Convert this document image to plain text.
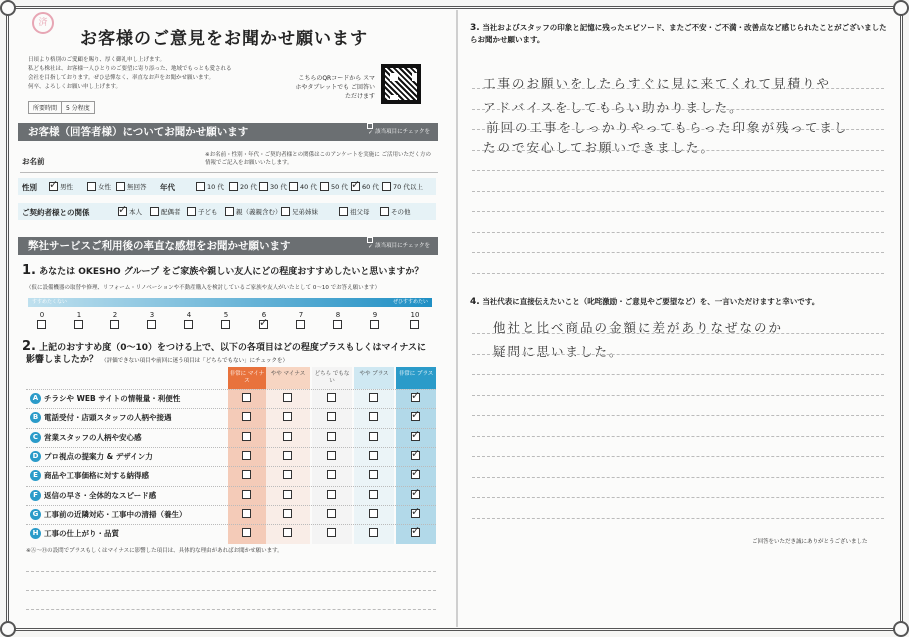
済
お客様のご意見をお聞かせ願います
日頃より格別のご愛顧を賜り、厚く御礼申し上げます。
私ども株社は、お客様一人ひとりのご要望に寄り添った、地域でもっとも愛される
会社を目指しております。ぜひ忌憚なく、率直なお声をお聞かせ願います。
何卒、よろしくお願い申し上げます。
所要時間	5 分程度
こちらのQRコードから スマホやタブレットでも ご回答いただけます
お客様（回答者様）についてお聞かせ願います	✓ 該当項目にチェックを
お名前
※お名前・性別・年代・ご契約者様との関係はこのアンケートを実施に ご活用いただく方の情報でご記入をお願いいたします。
性別	年代
ご契約者様との関係
弊社サービスご利用後の率直な感想をお聞かせ願います	✓ 該当項目にチェックを
1. あなたは OKESHO グループ をご家族や親しい友人にどの程度おすすめしたいと思いますか？
（仮に設備機器の取替や修理、リフォーム・リノベーションや不動産購入を検討しているご家族や友人がいたとして 0〜10 でお答え願います）
すすめたくない	ぜひすすめたい
2. 上記のおすすめ度（0〜10）をつける上で、以下の各項目はどの程度プラスもしくはマイナスに
影響しましたか？ （評価できない項目や前回に迷う項目は「どちらでもない」にチェックを）
※Ⓐ〜Ⓗの設問でプラスもしくはマイナスに影響した項目は、具体的な理由があればお聞かせ願います。
3. 当社およびスタッフの印象と記憶に残ったエピソード、またご不安・ご不満・改善点など感じられたことがございましたらお聞かせ願います。
工事のお願いをしたらすぐに見に来てくれて見積りや
アドバイスをしてもらい助かりました。
前回の工事をしっかりやってもらった印象が残ってまし
たので安心してお願いできました。
4. 当社代表に直接伝えたいこと（叱咤激励・ご意見やご要望など）を、一言いただけますと幸いです。
他社と比べ商品の金額に差がありなぜなのか
疑問に思いました。
ご回答をいただき誠にありがとうございました
✓
男性	女性 無回答	10 代 20 代 30 代 40 代 50 代
✓ 60 代 70 代以上
✓
本人	配偶者	子ども	親（義親含む） 兄弟姉妹	祖父母	その他
0	1	2	3	4	5	6
✓	7	8	9	10
非常に マイナス
やや マイナス	どちら でもない
やや プラス	非常に プラス
A チラシや WEB サイトの情報量・利便性
✓
B 電話受付・店頭スタッフの人柄や接遇
✓
C 営業スタッフの人柄や安心感
✓
D プロ視点の提案力 & デザイン力
✓
E 商品や工事価格に対する納得感
✓
F 返信の早さ・全体的なスピード感
✓
G 工事前の近隣対応・工事中の清掃（養生）
✓
H 工事の仕上がり・品質
✓
